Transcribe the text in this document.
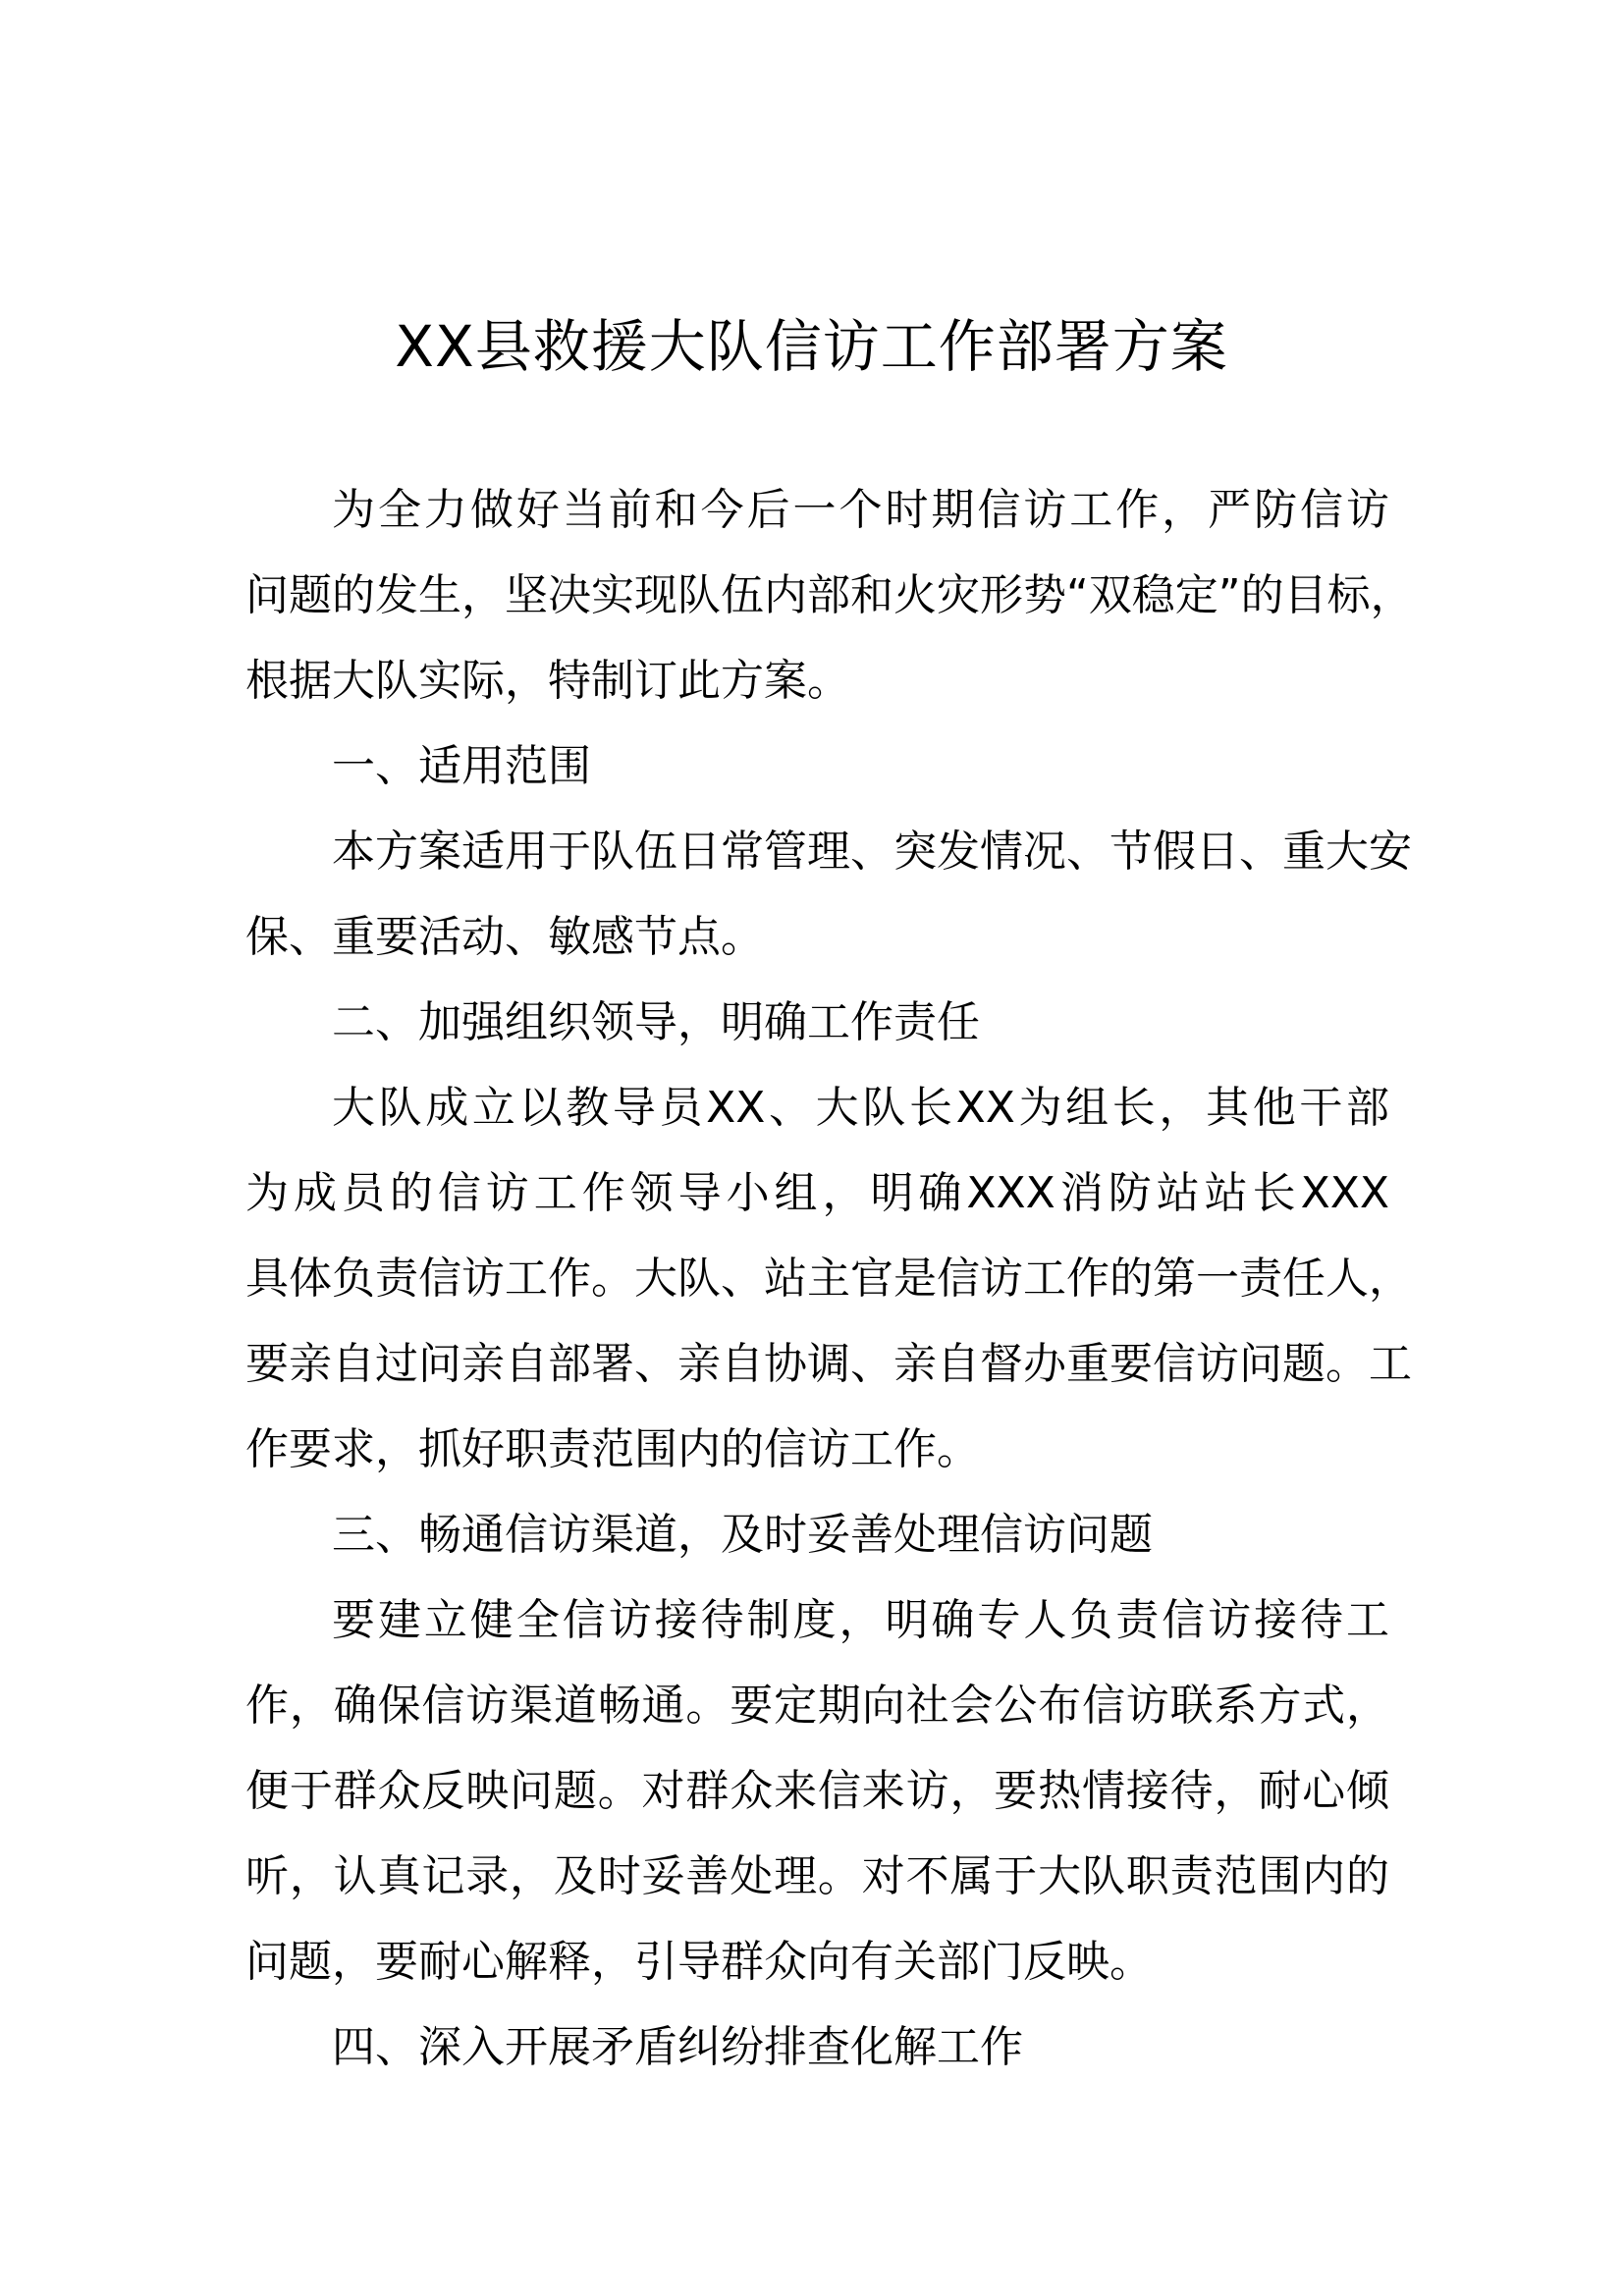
XX县救援大队信访工作部署方案
为全力做好当前和今后一个时期信访工作，严防信访
问题的发生，坚决实现队伍内部和火灾形势“双稳定”的目标，
根据大队实际，特制订此方案。
一、适用范围
本方案适用于队伍日常管理、突发情况、节假日、重大安
保、重要活动、敏感节点。
二、加强组织领导，明确工作责任
大队成立以教导员XX、大队长XX为组长，其他干部
为成员的信访工作领导小组，明确XXX消防站站长XXX
具体负责信访工作。大队、站主官是信访工作的第一责任人，
要亲自过问亲自部署、亲自协调、亲自督办重要信访问题。工
作要求，抓好职责范围内的信访工作。
三、畅通信访渠道，及时妥善处理信访问题
要建立健全信访接待制度，明确专人负责信访接待工
作，确保信访渠道畅通。要定期向社会公布信访联系方式，
便于群众反映问题。对群众来信来访，要热情接待，耐心倾
听，认真记录，及时妥善处理。对不属于大队职责范围内的
问题，要耐心解释，引导群众向有关部门反映。
四、深入开展矛盾纠纷排查化解工作
